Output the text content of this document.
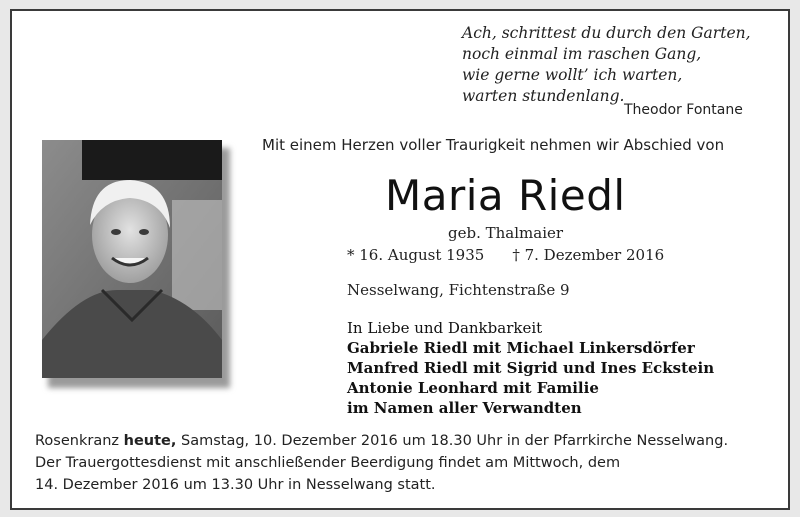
Ach, schrittest du durch den Garten,
noch einmal im raschen Gang,
wie gerne wollt’ ich warten,
warten stundenlang.
Theodor Fontane
Mit einem Herzen voller Traurigkeit nehmen wir Abschied von
Maria Riedl
geb. Thalmaier
* 16. August 1935 † 7. Dezember 2016
Nesselwang, Fichtenstraße 9
In Liebe und Dankbarkeit
Gabriele Riedl mit Michael Linkersdörfer
Manfred Riedl mit Sigrid und Ines Eckstein
Antonie Leonhard mit Familie
im Namen aller Verwandten
Rosenkranz heute, Samstag, 10. Dezember 2016 um 18.30 Uhr in der Pfarrkirche Nesselwang.
Der Trauergottesdienst mit anschließender Beerdigung findet am Mittwoch, dem
14. Dezember 2016 um 13.30 Uhr in Nesselwang statt.
